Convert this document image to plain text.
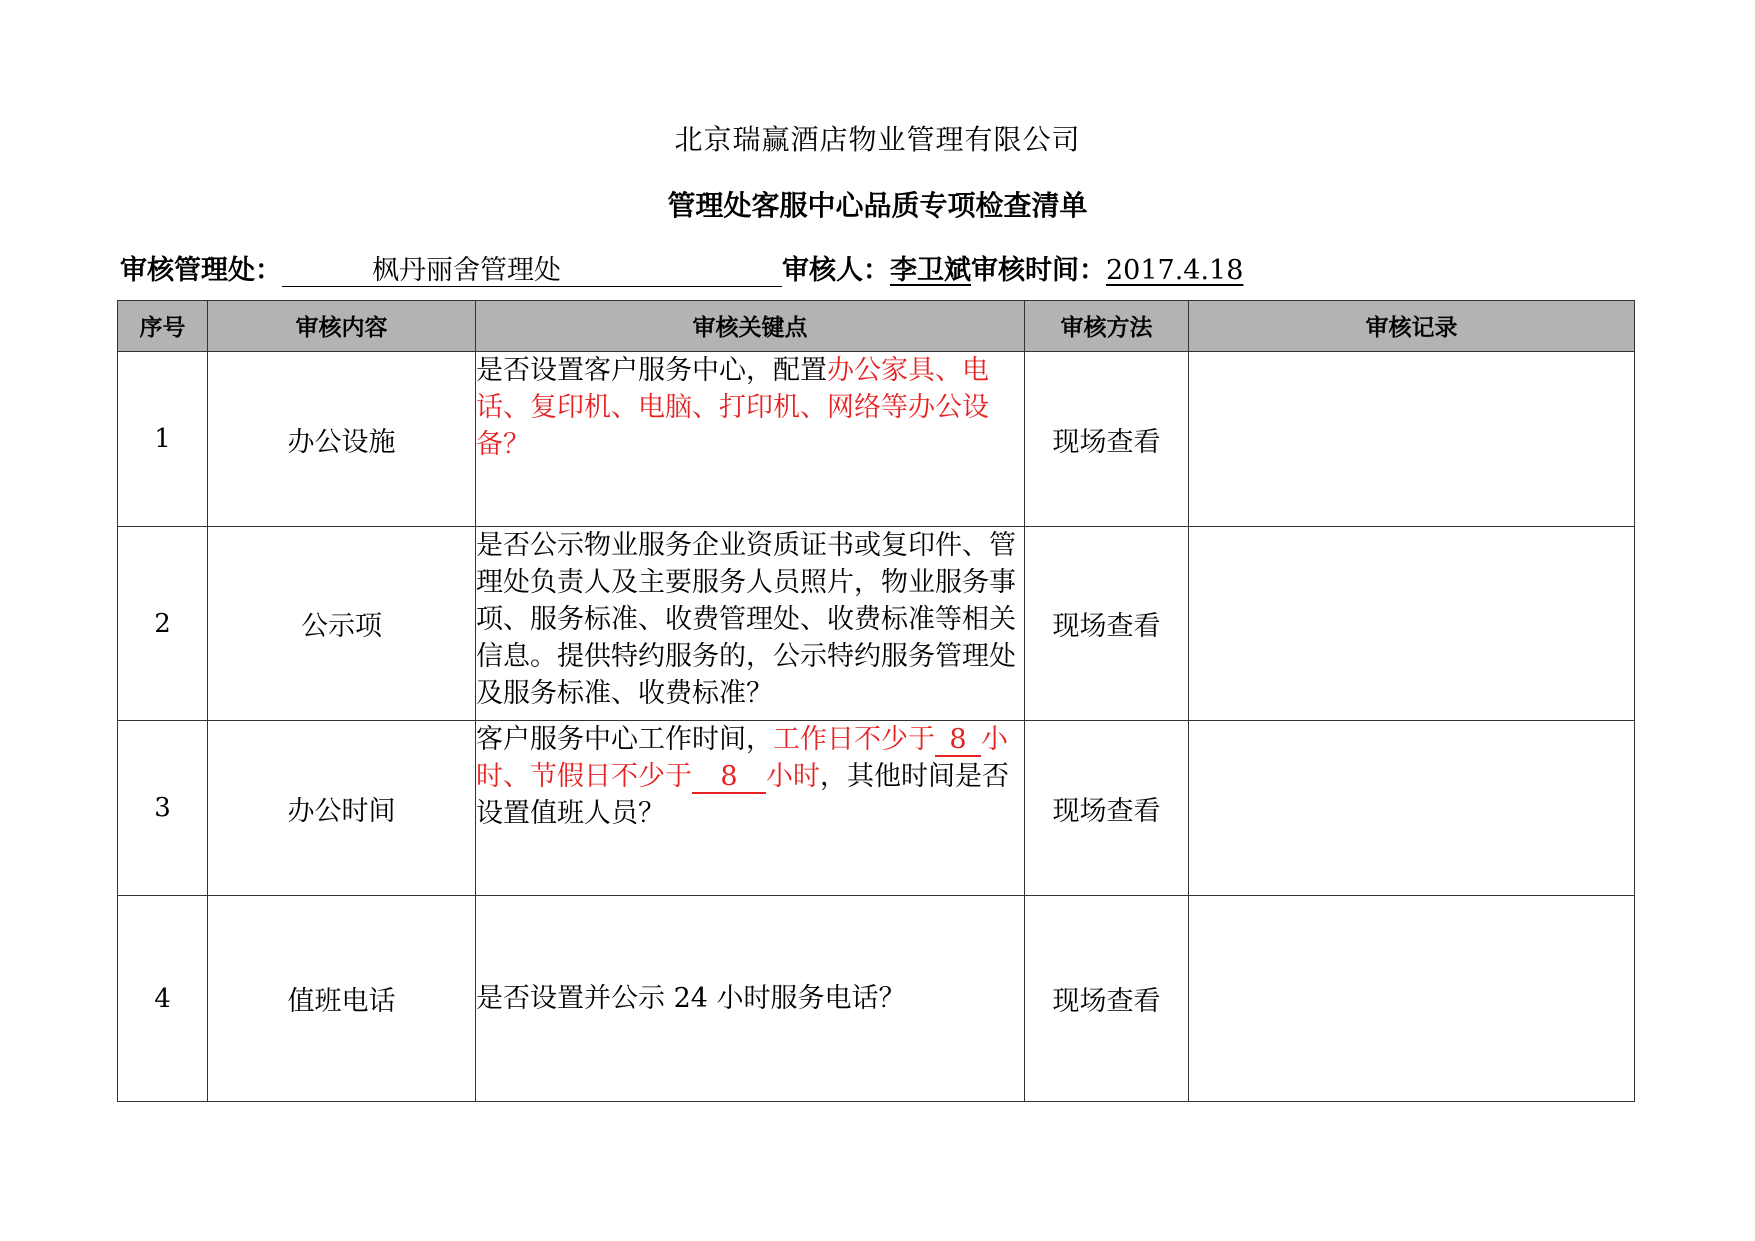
北京瑞赢酒店物业管理有限公司
管理处客服中心品质专项检查清单
审核管理处：	枫丹丽舍管理处	审核人： 李卫斌 审核时间： 2017.4.18
序号	审核内容	审核关键点	审核方法	审核记录
1	办公设施	是否设置客户服务中心，配置办公家具、电话、复印机、电脑、打印机、网络等办公设备？	现场查看	
2	公示项	是否公示物业服务企业资质证书或复印件、管理处负责人及主要服务人员照片，物业服务事项、服务标准、收费管理处、收费标准等相关信息。提供特约服务的，公示特约服务管理处及服务标准、收费标准？	现场查看	
3	办公时间	客户服务中心工作时间，工作日不少于 8 小时、节假日不少于 8 小时，其他时间是否设置值班人员？	现场查看	
4	值班电话	是否设置并公示 24 小时服务电话？	现场查看	
